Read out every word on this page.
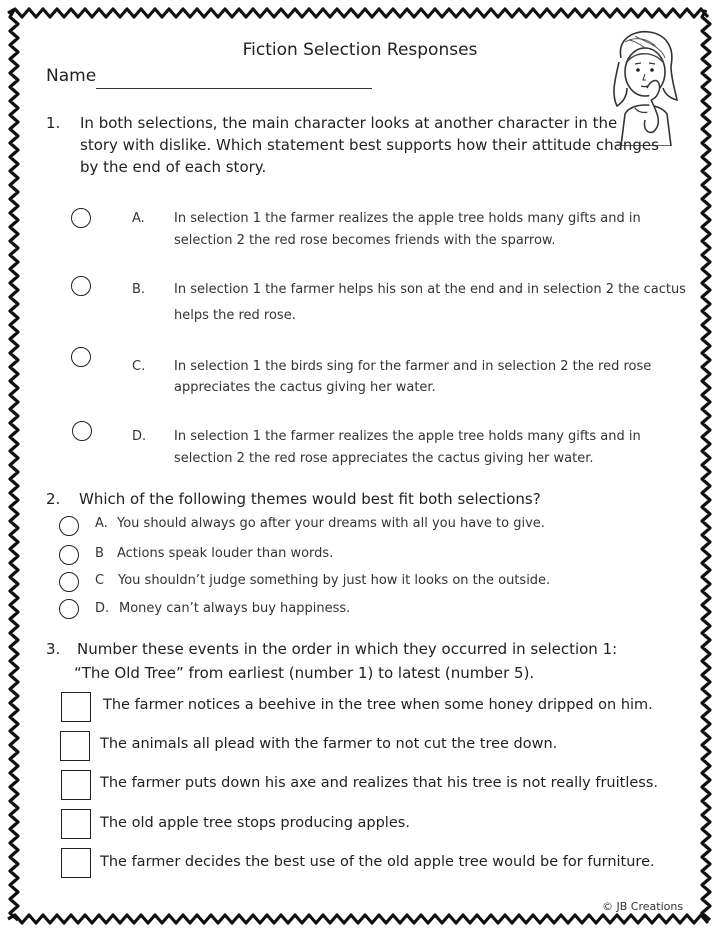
Fiction Selection Responses
Name
1. In both selections, the main character looks at another character in the
story with dislike. Which statement best supports how their attitude changes
by the end of each story.
A. In selection 1 the farmer realizes the apple tree holds many gifts and in
selection 2 the red rose becomes friends with the sparrow.
B. In selection 1 the farmer helps his son at the end and in selection 2 the cactus
helps the red rose.
C. In selection 1 the birds sing for the farmer and in selection 2 the red rose
appreciates the cactus giving her water.
D. In selection 1 the farmer realizes the apple tree holds many gifts and in
selection 2 the red rose appreciates the cactus giving her water.
2. Which of the following themes would best fit both selections?
A. You should always go after your dreams with all you have to give.
B Actions speak louder than words.
C You shouldn’t judge something by just how it looks on the outside.
D. Money can’t always buy happiness.
3. Number these events in the order in which they occurred in selection 1:
“The Old Tree” from earliest (number 1) to latest (number 5).
The farmer notices a beehive in the tree when some honey dripped on him.
The animals all plead with the farmer to not cut the tree down.
The farmer puts down his axe and realizes that his tree is not really fruitless.
The old apple tree stops producing apples.
The farmer decides the best use of the old apple tree would be for furniture.
© JB Creations
